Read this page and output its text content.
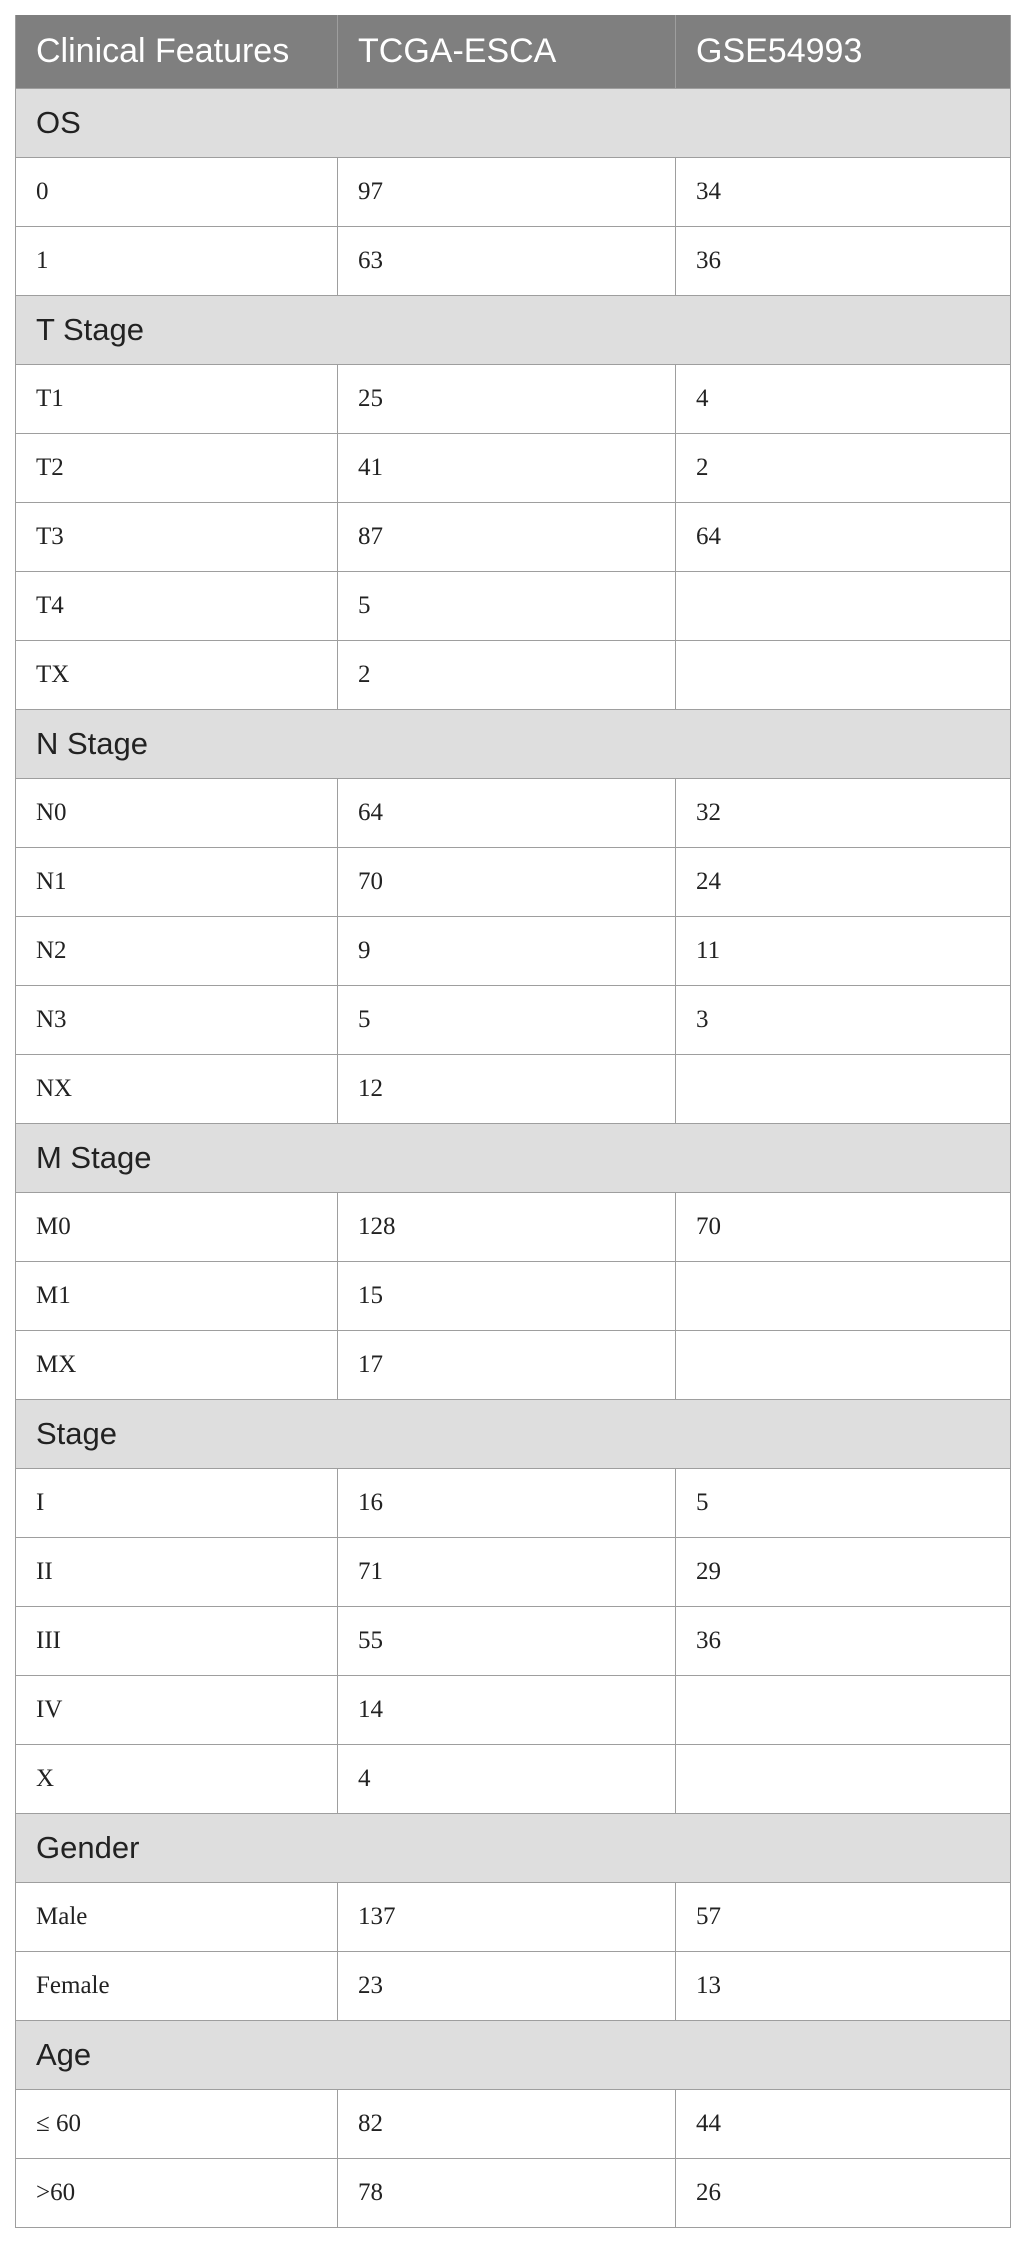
Clinical Features	TCGA-ESCA	GSE54993
OS		
0	97	34
1	63	36
T Stage		
T1	25	4
T2	41	2
T3	87	64
T4	5	
TX	2	
N Stage		
N0	64	32
N1	70	24
N2	9	11
N3	5	3
NX	12	
M Stage		
M0	128	70
M1	15	
MX	17	
Stage		
I	16	5
II	71	29
III	55	36
IV	14	
X	4	
Gender		
Male	137	57
Female	23	13
Age		
≤ 60	82	44
>60	78	26
